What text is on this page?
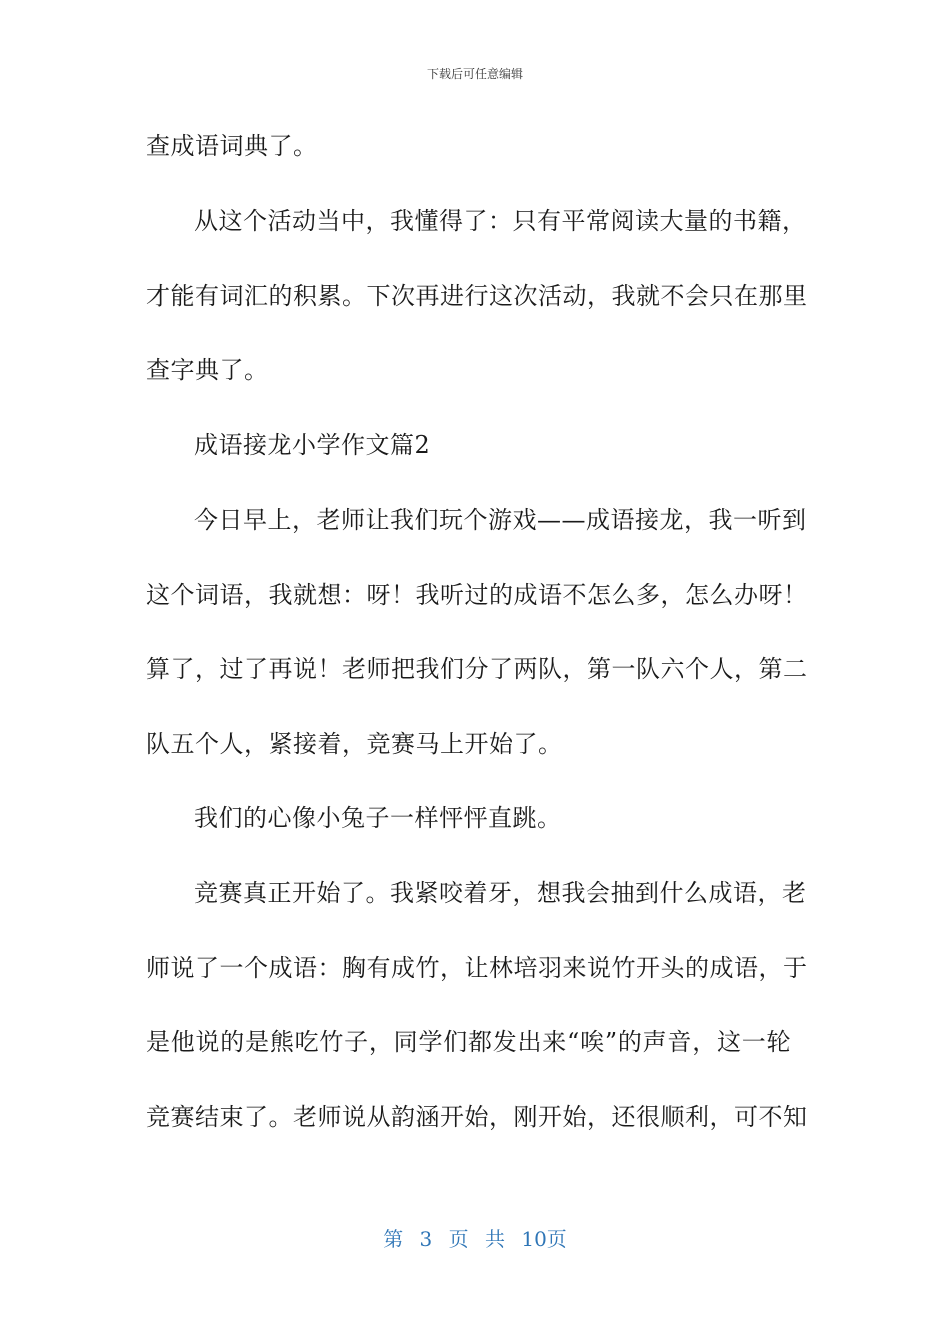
下载后可任意编辑
查成语词典了。
从这个活动当中，我懂得了：只有平常阅读大量的书籍，
才能有词汇的积累。下次再进行这次活动，我就不会只在那里
查字典了。
成语接龙小学作文篇2
今日早上，老师让我们玩个游戏——成语接龙，我一听到
这个词语，我就想：呀！我听过的成语不怎么多，怎么办呀！
算了，过了再说！老师把我们分了两队，第一队六个人，第二
队五个人，紧接着，竞赛马上开始了。
我们的心像小兔子一样怦怦直跳。
竞赛真正开始了。我紧咬着牙，想我会抽到什么成语，老
师说了一个成语：胸有成竹，让林培羽来说竹开头的成语，于
是他说的是熊吃竹子，同学们都发出来“唉”的声音，这一轮
竞赛结束了。老师说从韵涵开始，刚开始，还很顺利，可不知
第 3 页 共 10页
